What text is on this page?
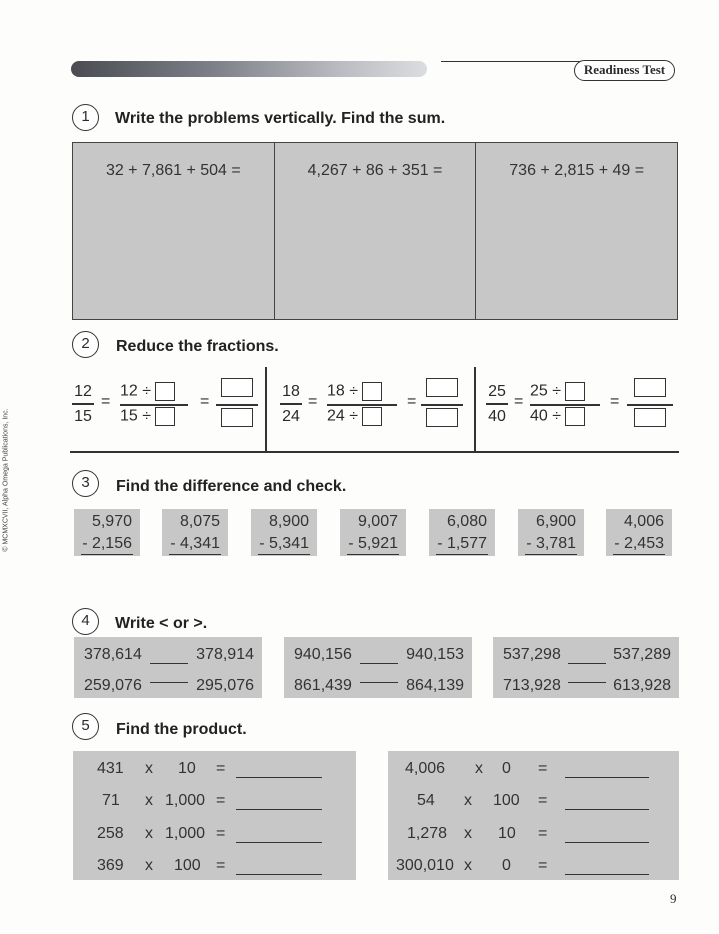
Readiness Test
© MCMXCVII, Alpha Omega Publications, Inc.
1	Write the problems vertically. Find the sum.
32 + 7,861 + 504 =	4,267 + 86 + 351 =	736 + 2,815 + 49 =
2	Reduce the fractions.
12
15
=
12 ÷
15 ÷
=
18
24
=
18 ÷
24 ÷
=
25
40
=
25 ÷
40 ÷
=
3	Find the difference and check.
5,970
- 2,156
8,075
- 4,341
8,900
- 5,341
9,007
- 5,921
6,080
- 1,577
6,900
- 3,781
4,006
- 2,453
4	Write < or >.
378,614	378,914
259,076	295,076
940,156	940,153
861,439	864,139
537,298	537,289
713,928	613,928
5	Find the product.
431 x 10 =
71 x 1,000 =
258 x 1,000 =
369 x 100 =
4,006 x 0 =
54 x 100 =
1,278 x 10 =
300,010 x 0 =
9
